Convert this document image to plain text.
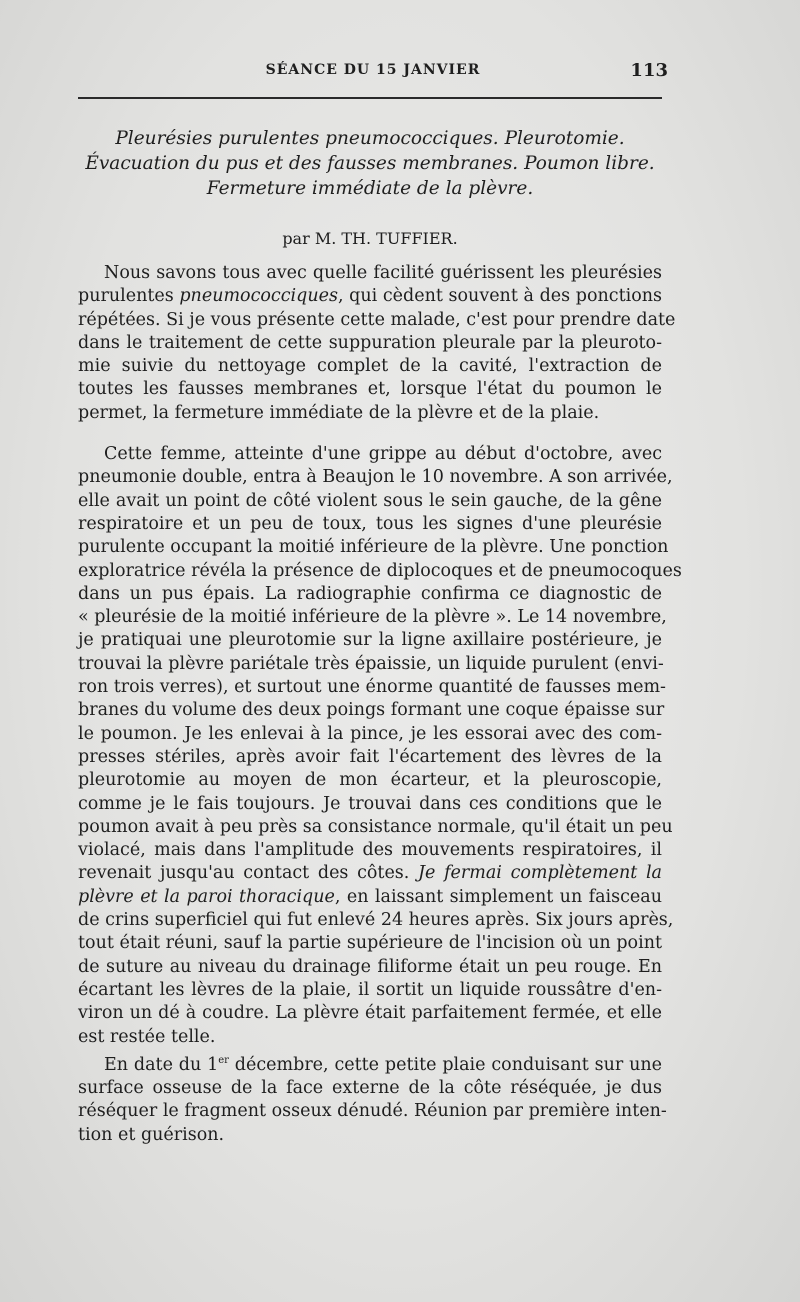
SÉANCE DU 15 JANVIER	113
Pleurésies purulentes pneumococciques. Pleurotomie.
Évacuation du pus et des fausses membranes. Poumon libre.
Fermeture immédiate de la plèvre.
par M. TH. TUFFIER.
Nous savons tous avec quelle facilité guérissent les pleurésies
purulentes pneumococciques, qui cèdent souvent à des ponctions
répétées. Si je vous présente cette malade, c'est pour prendre date
dans le traitement de cette suppuration pleurale par la pleuroto-
mie suivie du nettoyage complet de la cavité, l'extraction de
toutes les fausses membranes et, lorsque l'état du poumon le
permet, la fermeture immédiate de la plèvre et de la plaie.
Cette femme, atteinte d'une grippe au début d'octobre, avec
pneumonie double, entra à Beaujon le 10 novembre. A son arrivée,
elle avait un point de côté violent sous le sein gauche, de la gêne
respiratoire et un peu de toux, tous les signes d'une pleurésie
purulente occupant la moitié inférieure de la plèvre. Une ponction
exploratrice révéla la présence de diplocoques et de pneumocoques
dans un pus épais. La radiographie confirma ce diagnostic de
« pleurésie de la moitié inférieure de la plèvre ». Le 14 novembre,
je pratiquai une pleurotomie sur la ligne axillaire postérieure, je
trouvai la plèvre pariétale très épaissie, un liquide purulent (envi-
ron trois verres), et surtout une énorme quantité de fausses mem-
branes du volume des deux poings formant une coque épaisse sur
le poumon. Je les enlevai à la pince, je les essorai avec des com-
presses stériles, après avoir fait l'écartement des lèvres de la
pleurotomie au moyen de mon écarteur, et la pleuroscopie,
comme je le fais toujours. Je trouvai dans ces conditions que le
poumon avait à peu près sa consistance normale, qu'il était un peu
violacé, mais dans l'amplitude des mouvements respiratoires, il
revenait jusqu'au contact des côtes. Je fermai complètement la
plèvre et la paroi thoracique, en laissant simplement un faisceau
de crins superficiel qui fut enlevé 24 heures après. Six jours après,
tout était réuni, sauf la partie supérieure de l'incision où un point
de suture au niveau du drainage filiforme était un peu rouge. En
écartant les lèvres de la plaie, il sortit un liquide roussâtre d'en-
viron un dé à coudre. La plèvre était parfaitement fermée, et elle
est restée telle.
En date du 1er décembre, cette petite plaie conduisant sur une
surface osseuse de la face externe de la côte réséquée, je dus
réséquer le fragment osseux dénudé. Réunion par première inten-
tion et guérison.
